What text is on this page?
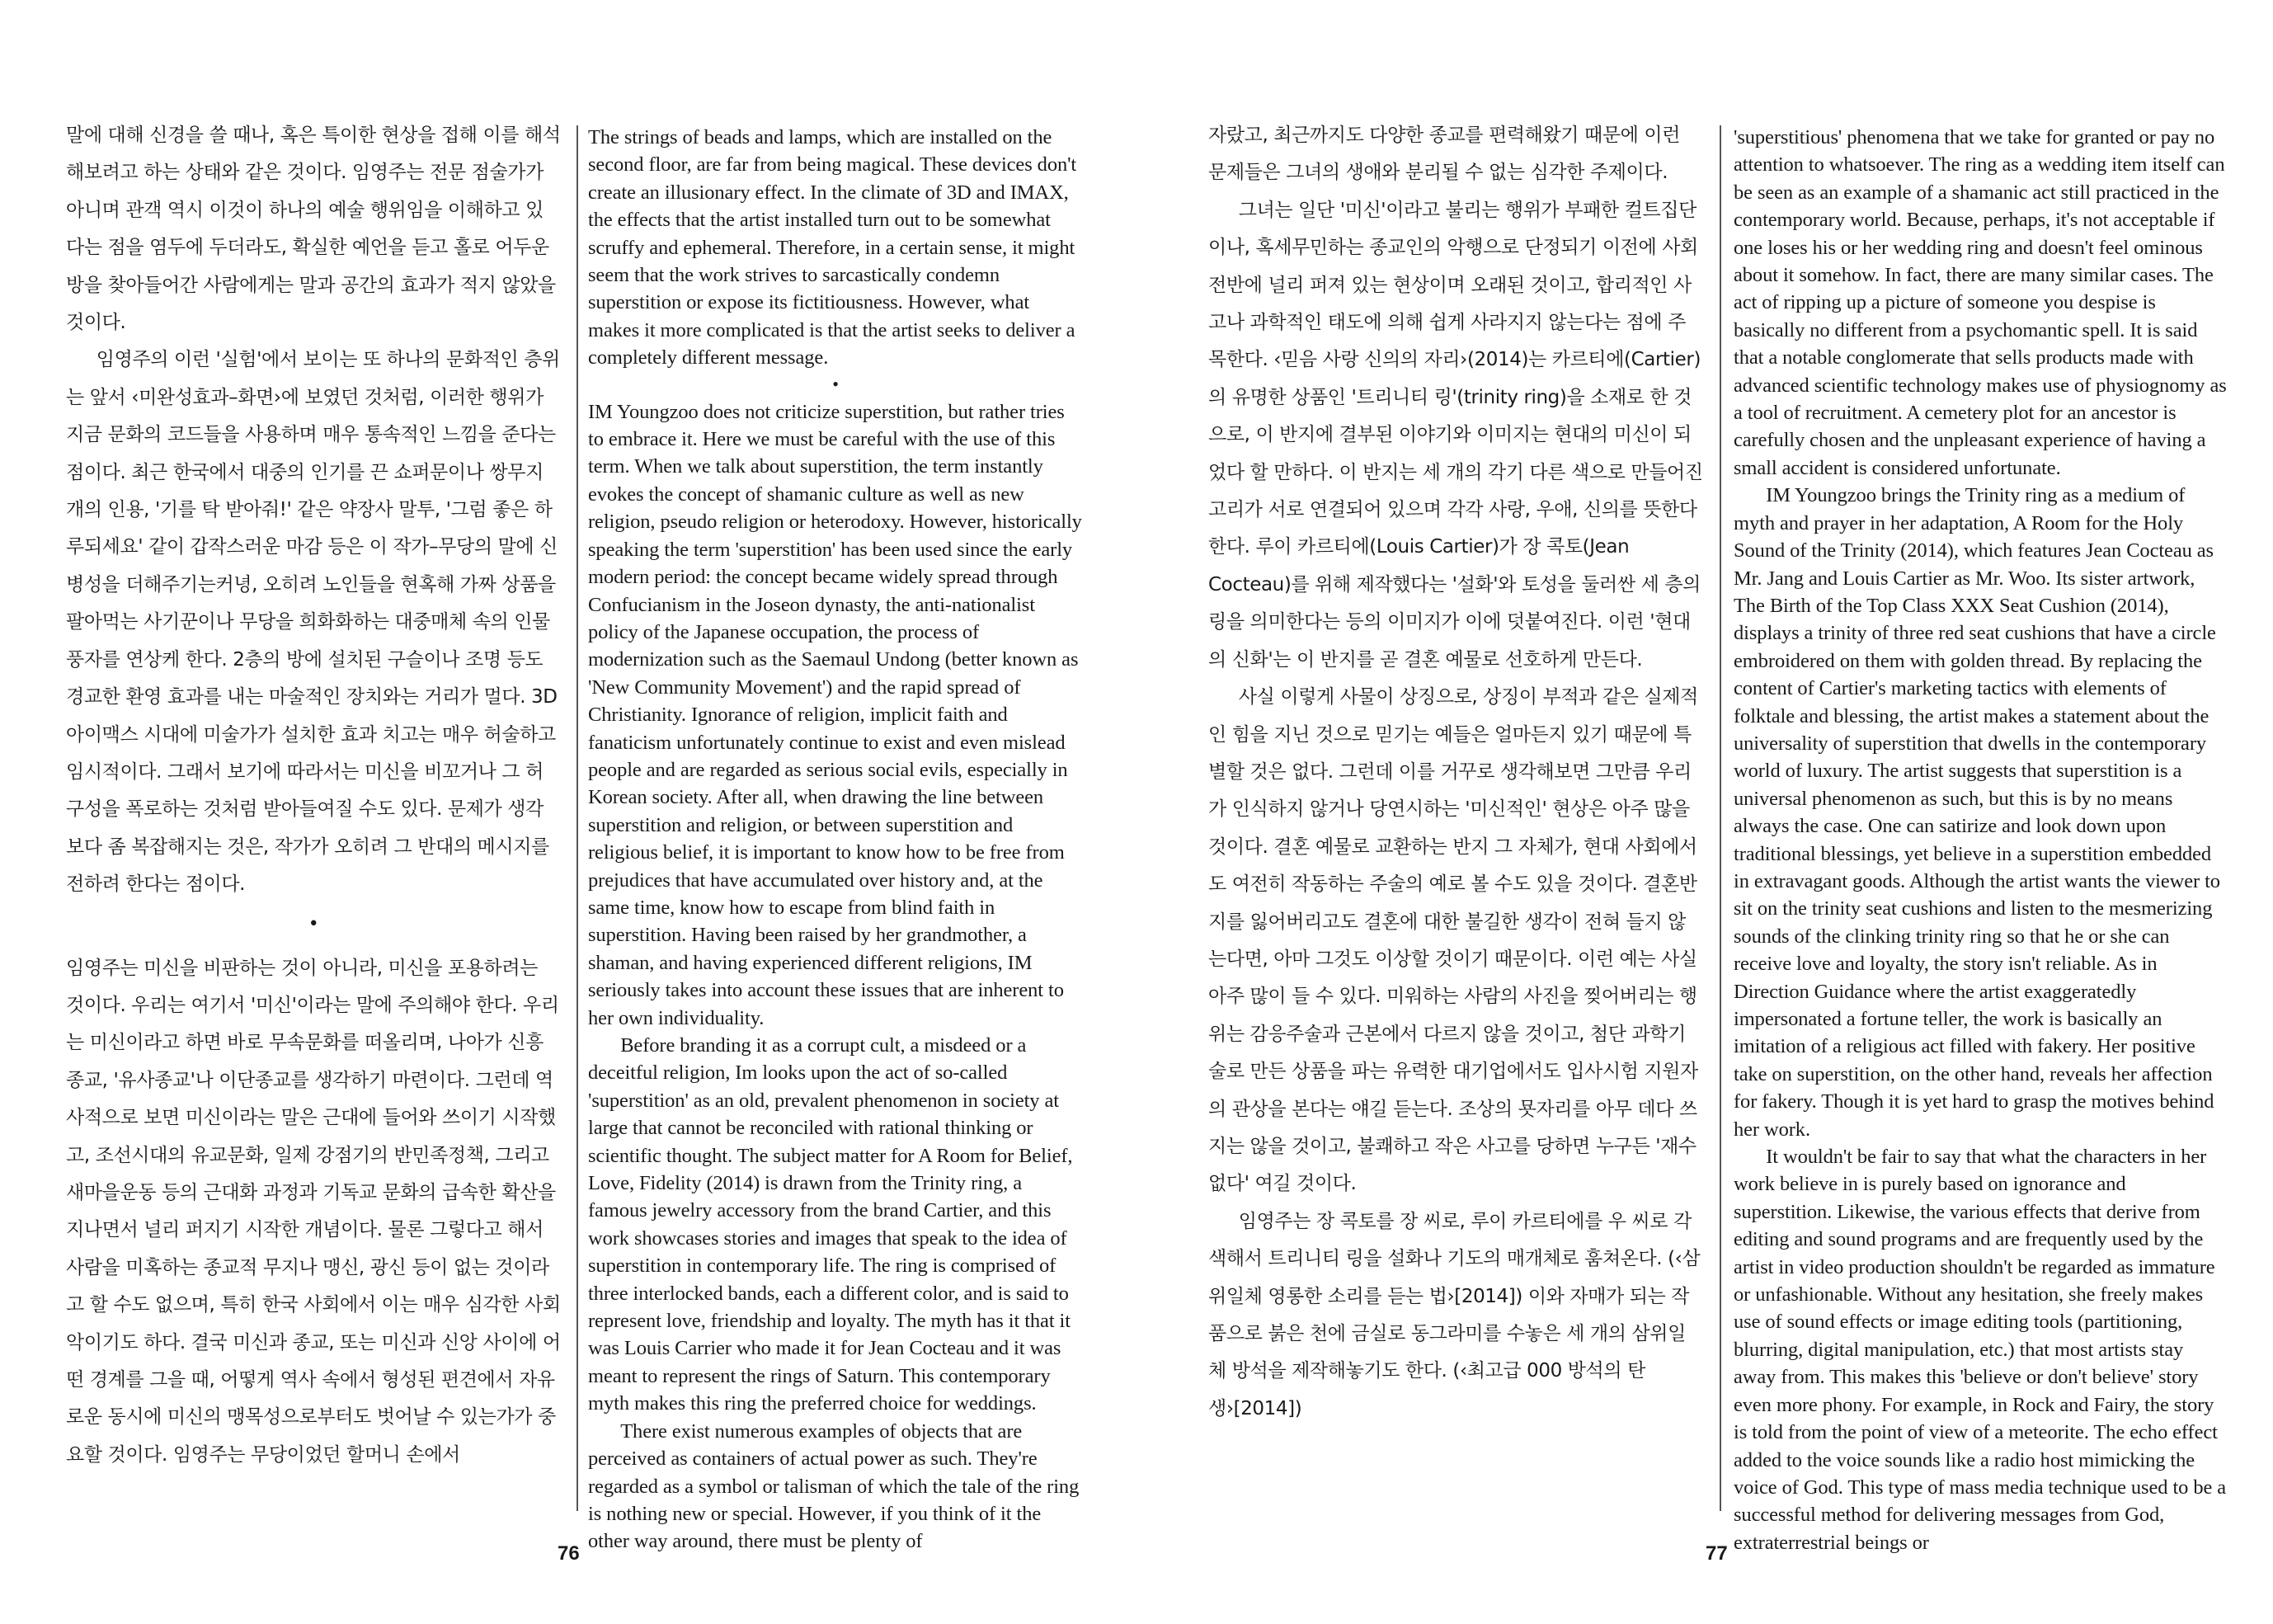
말에 대해 신경을 쓸 때나, 혹은 특이한 현상을 접해 이를 해석해보려고 하는 상태와 같은 것이다. 임영주는 전문 점술가가 아니며 관객 역시 이것이 하나의 예술 행위임을 이해하고 있다는 점을 염두에 두더라도, 확실한 예언을 듣고 홀로 어두운 방을 찾아들어간 사람에게는 말과 공간의 효과가 적지 않았을 것이다.

임영주의 이런 '실험'에서 보이는 또 하나의 문화적인 층위는 앞서 ‹미완성효과–화면›에 보였던 것처럼, 이러한 행위가 지금 문화의 코드들을 사용하며 매우 통속적인 느낌을 준다는 점이다. 최근 한국에서 대중의 인기를 끈 쇼퍼문이나 쌍무지개의 인용, '기를 탁 받아줘!' 같은 약장사 말투, '그럼 좋은 하루되세요' 같이 갑작스러운 마감 등은 이 작가–무당의 말에 신병성을 더해주기는커녕, 오히려 노인들을 현혹해 가짜 상품을 팔아먹는 사기꾼이나 무당을 희화화하는 대중매체 속의 인물 풍자를 연상케 한다. 2층의 방에 설치된 구슬이나 조명 등도 경교한 환영 효과를 내는 마술적인 장치와는 거리가 멀다. 3D 아이맥스 시대에 미술가가 설치한 효과 치고는 매우 허술하고 임시적이다. 그래서 보기에 따라서는 미신을 비꼬거나 그 허구성을 폭로하는 것처럼 받아들여질 수도 있다. 문제가 생각보다 좀 복잡해지는 것은, 작가가 오히려 그 반대의 메시지를 전하려 한다는 점이다.

•

임영주는 미신을 비판하는 것이 아니라, 미신을 포용하려는 것이다. 우리는 여기서 '미신'이라는 말에 주의해야 한다. 우리는 미신이라고 하면 바로 무속문화를 떠올리며, 나아가 신흥종교, '유사종교'나 이단종교를 생각하기 마련이다. 그런데 역사적으로 보면 미신이라는 말은 근대에 들어와 쓰이기 시작했고, 조선시대의 유교문화, 일제 강점기의 반민족정책, 그리고 새마을운동 등의 근대화 과정과 기독교 문화의 급속한 확산을 지나면서 널리 퍼지기 시작한 개념이다. 물론 그렇다고 해서 사람을 미혹하는 종교적 무지나 맹신, 광신 등이 없는 것이라고 할 수도 없으며, 특히 한국 사회에서 이는 매우 심각한 사회악이기도 하다. 결국 미신과 종교, 또는 미신과 신앙 사이에 어떤 경계를 그을 때, 어떻게 역사 속에서 형성된 편견에서 자유로운 동시에 미신의 맹목성으로부터도 벗어날 수 있는가가 중요할 것이다. 임영주는 무당이었던 할머니 손에서

The strings of beads and lamps, which are installed on the second floor, are far from being magical. These devices don't create an illusionary effect. In the climate of 3D and IMAX, the effects that the artist installed turn out to be somewhat scruffy and ephemeral. Therefore, in a certain sense, it might seem that the work strives to sarcastically condemn superstition or expose its fictitiousness. However, what makes it more complicated is that the artist seeks to deliver a completely different message.

•

IM Youngzoo does not criticize superstition, but rather tries to embrace it. Here we must be careful with the use of this term. When we talk about superstition, the term instantly evokes the concept of shamanic culture as well as new religion, pseudo religion or heterodoxy. However, historically speaking the term 'superstition' has been used since the early modern period: the concept became widely spread through Confucianism in the Joseon dynasty, the anti-nationalist policy of the Japanese occupation, the process of modernization such as the Saemaul Undong (better known as 'New Community Movement') and the rapid spread of Christianity. Ignorance of religion, implicit faith and fanaticism unfortunately continue to exist and even mislead people and are regarded as serious social evils, especially in Korean society. After all, when drawing the line between superstition and religion, or between superstition and religious belief, it is important to know how to be free from prejudices that have accumulated over history and, at the same time, know how to escape from blind faith in superstition. Having been raised by her grandmother, a shaman, and having experienced different religions, IM seriously takes into account these issues that are inherent to her own individuality.

Before branding it as a corrupt cult, a misdeed or a deceitful religion, Im looks upon the act of so-called 'superstition' as an old, prevalent phenomenon in society at large that cannot be reconciled with rational thinking or scientific thought. The subject matter for A Room for Belief, Love, Fidelity (2014) is drawn from the Trinity ring, a famous jewelry accessory from the brand Cartier, and this work showcases stories and images that speak to the idea of superstition in contemporary life. The ring is comprised of three interlocked bands, each a different color, and is said to represent love, friendship and loyalty. The myth has it that it was Louis Carrier who made it for Jean Cocteau and it was meant to represent the rings of Saturn. This contemporary myth makes this ring the preferred choice for weddings.

There exist numerous examples of objects that are perceived as containers of actual power as such. They're regarded as a symbol or talisman of which the tale of the ring is nothing new or special. However, if you think of it the other way around, there must be plenty of

76

자랐고, 최근까지도 다양한 종교를 편력해왔기 때문에 이런 문제들은 그녀의 생애와 분리될 수 없는 심각한 주제이다.

그녀는 일단 '미신'이라고 불리는 행위가 부패한 컬트집단이나, 혹세무민하는 종교인의 악행으로 단정되기 이전에 사회 전반에 널리 퍼져 있는 현상이며 오래된 것이고, 합리적인 사고나 과학적인 태도에 의해 쉽게 사라지지 않는다는 점에 주목한다. ‹믿음 사랑 신의의 자리›(2014)는 카르티에(Cartier)의 유명한 상품인 '트리니티 링'(trinity ring)을 소재로 한 것으로, 이 반지에 결부된 이야기와 이미지는 현대의 미신이 되었다 할 만하다. 이 반지는 세 개의 각기 다른 색으로 만들어진 고리가 서로 연결되어 있으며 각각 사랑, 우애, 신의를 뜻한다 한다. 루이 카르티에(Louis Cartier)가 장 콕토(Jean Cocteau)를 위해 제작했다는 '설화'와 토성을 둘러싼 세 층의 링을 의미한다는 등의 이미지가 이에 덧붙여진다. 이런 '현대의 신화'는 이 반지를 곧 결혼 예물로 선호하게 만든다.

사실 이렇게 사물이 상징으로, 상징이 부적과 같은 실제적인 힘을 지닌 것으로 믿기는 예들은 얼마든지 있기 때문에 특별할 것은 없다. 그런데 이를 거꾸로 생각해보면 그만큼 우리가 인식하지 않거나 당연시하는 '미신적인' 현상은 아주 많을 것이다. 결혼 예물로 교환하는 반지 그 자체가, 현대 사회에서도 여전히 작동하는 주술의 예로 볼 수도 있을 것이다. 결혼반지를 잃어버리고도 결혼에 대한 불길한 생각이 전혀 들지 않는다면, 아마 그것도 이상할 것이기 때문이다. 이런 예는 사실 아주 많이 들 수 있다. 미워하는 사람의 사진을 찢어버리는 행위는 감응주술과 근본에서 다르지 않을 것이고, 첨단 과학기술로 만든 상품을 파는 유력한 대기업에서도 입사시험 지원자의 관상을 본다는 얘길 듣는다. 조상의 묫자리를 아무 데다 쓰지는 않을 것이고, 불쾌하고 작은 사고를 당하면 누구든 '재수 없다' 여길 것이다.

임영주는 장 콕토를 장 씨로, 루이 카르티에를 우 씨로 각색해서 트리니티 링을 설화나 기도의 매개체로 훔쳐온다. (‹삼위일체 영롱한 소리를 듣는 법›[2014]) 이와 자매가 되는 작품으로 붉은 천에 금실로 동그라미를 수놓은 세 개의 삼위일체 방석을 제작해놓기도 한다. (‹최고급 000 방석의 탄생›[2014])

'superstitious' phenomena that we take for granted or pay no attention to whatsoever. The ring as a wedding item itself can be seen as an example of a shamanic act still practiced in the contemporary world. Because, perhaps, it's not acceptable if one loses his or her wedding ring and doesn't feel ominous about it somehow. In fact, there are many similar cases. The act of ripping up a picture of someone you despise is basically no different from a psychomantic spell. It is said that a notable conglomerate that sells products made with advanced scientific technology makes use of physiognomy as a tool of recruitment. A cemetery plot for an ancestor is carefully chosen and the unpleasant experience of having a small accident is considered unfortunate.

IM Youngzoo brings the Trinity ring as a medium of myth and prayer in her adaptation, A Room for the Holy Sound of the Trinity (2014), which features Jean Cocteau as Mr. Jang and Louis Cartier as Mr. Woo. Its sister artwork, The Birth of the Top Class XXX Seat Cushion (2014), displays a trinity of three red seat cushions that have a circle embroidered on them with golden thread. By replacing the content of Cartier's marketing tactics with elements of folktale and blessing, the artist makes a statement about the universality of superstition that dwells in the contemporary world of luxury. The artist suggests that superstition is a universal phenomenon as such, but this is by no means always the case. One can satirize and look down upon traditional blessings, yet believe in a superstition embedded in extravagant goods. Although the artist wants the viewer to sit on the trinity seat cushions and listen to the mesmerizing sounds of the clinking trinity ring so that he or she can receive love and loyalty, the story isn't reliable. As in Direction Guidance where the artist exaggeratedly impersonated a fortune teller, the work is basically an imitation of a religious act filled with fakery. Her positive take on superstition, on the other hand, reveals her affection for fakery. Though it is yet hard to grasp the motives behind her work.

It wouldn't be fair to say that what the characters in her work believe in is purely based on ignorance and superstition. Likewise, the various effects that derive from editing and sound programs and are frequently used by the artist in video production shouldn't be regarded as immature or unfashionable. Without any hesitation, she freely makes use of sound effects or image editing tools (partitioning, blurring, digital manipulation, etc.) that most artists stay away from. This makes this 'believe or don't believe' story even more phony. For example, in Rock and Fairy, the story is told from the point of view of a meteorite. The echo effect added to the voice sounds like a radio host mimicking the voice of God. This type of mass media technique used to be a successful method for delivering messages from God, extraterrestrial beings or

77
